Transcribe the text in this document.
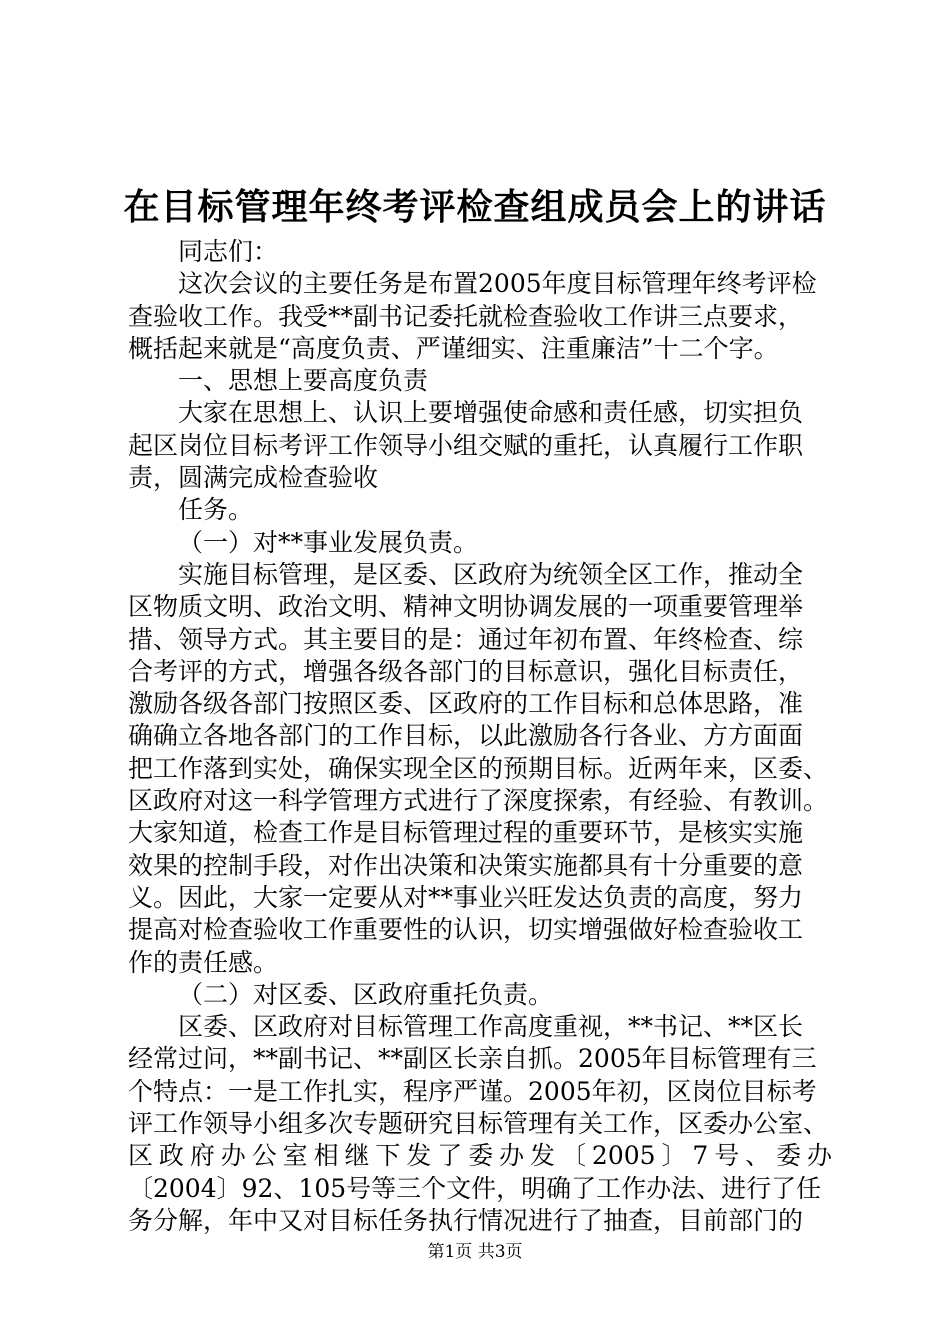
在目标管理年终考评检查组成员会上的讲话
同志们：
这次会议的主要任务是布置2005年度目标管理年终考评检
查验收工作。我受**副书记委托就检查验收工作讲三点要求，
概括起来就是“高度负责、严谨细实、注重廉洁”十二个字。
一、思想上要高度负责
大家在思想上、认识上要增强使命感和责任感，切实担负
起区岗位目标考评工作领导小组交赋的重托，认真履行工作职
责，圆满完成检查验收
任务。
（一）对**事业发展负责。
实施目标管理，是区委、区政府为统领全区工作，推动全
区物质文明、政治文明、精神文明协调发展的一项重要管理举
措、领导方式。其主要目的是：通过年初布置、年终检查、综
合考评的方式，增强各级各部门的目标意识，强化目标责任，
激励各级各部门按照区委、区政府的工作目标和总体思路，准
确确立各地各部门的工作目标，以此激励各行各业、方方面面
把工作落到实处，确保实现全区的预期目标。近两年来，区委、
区政府对这一科学管理方式进行了深度探索，有经验、有教训。
大家知道，检查工作是目标管理过程的重要环节，是核实实施
效果的控制手段，对作出决策和决策实施都具有十分重要的意
义。因此，大家一定要从对**事业兴旺发达负责的高度，努力
提高对检查验收工作重要性的认识，切实增强做好检查验收工
作的责任感。
（二）对区委、区政府重托负责。
区委、区政府对目标管理工作高度重视，**书记、**区长
经常过问，**副书记、**副区长亲自抓。2005年目标管理有三
个特点：一是工作扎实，程序严谨。2005年初，区岗位目标考
评工作领导小组多次专题研究目标管理有关工作，区委办公室、
区政府办公室相继下发了委办发〔2005〕7号、委办
〔2004〕92、105号等三个文件，明确了工作办法、进行了任
务分解，年中又对目标任务执行情况进行了抽查，目前部门的
第1页 共3页
